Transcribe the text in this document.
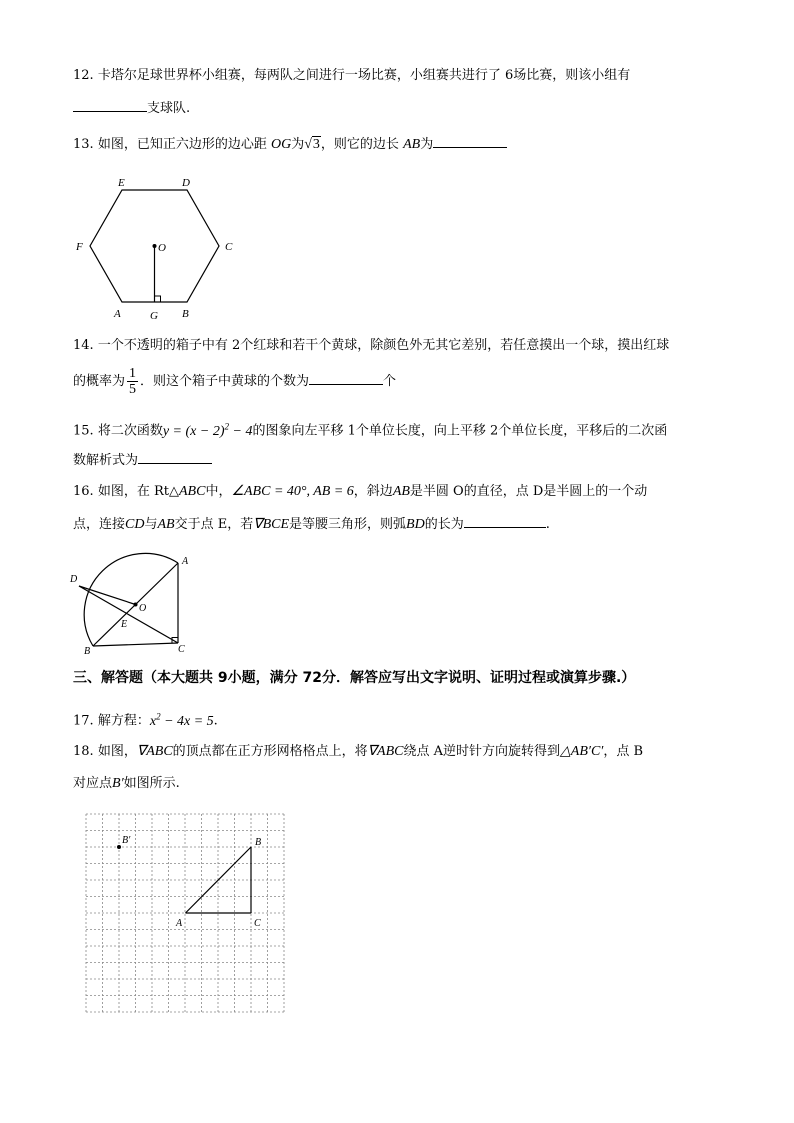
12. 卡塔尔足球世界杯小组赛，每两队之间进行一场比赛，小组赛共进行了 6场比赛，则该小组有
支球队.
13. 如图，已知正六边形的边心距 OG为√3，则它的边长 AB为
E	D
F	O	C
A	G B
14. 一个不透明的箱子中有 2个红球和若干个黄球，除颜色外无其它差别，若任意摸出一个球，摸出红球
的概率为 $\frac{1}{5}$ ．则这个箱子中黄球的个数为	个
15. 将二次函数$y = (x - 2)^2 - 4$的图象向左平移 1个单位长度，向上平移 2个单位长度，平移后的二次函
数解析式为
16. 如图，在 Rt△ABC中，∠ABC = 40°, AB = 6，斜边AB是半圆 O的直径，点 D是半圆上的一个动
点，连接CD与AB交于点 E，若∇BCE是等腰三角形，则弧BD的长为	.
A
D
O
E
B	C
三、解答题（本大题共 9小题，满分 72分．解答应写出文字说明、证明过程或演算步骤.）
17. 解方程：$x^2 - 4x = 5$.
18. 如图，∇ABC的顶点都在正方形网格格点上，将∇ABC绕点 A逆时针方向旋转得到△AB′C′，点 B
对应点B′如图所示.
B′	B
A	C
